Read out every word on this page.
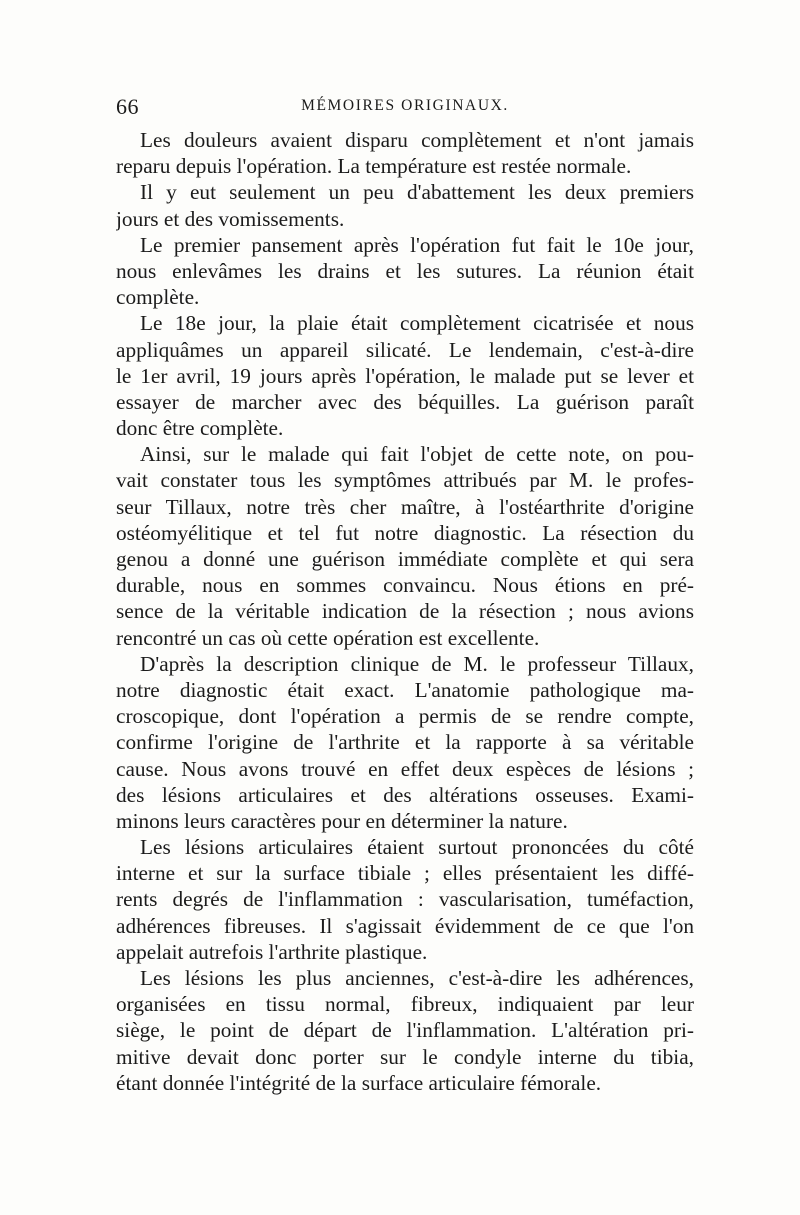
66	MÉMOIRES ORIGINAUX.
Les douleurs avaient disparu complètement et n'ont jamais
reparu depuis l'opération. La température est restée normale.
Il y eut seulement un peu d'abattement les deux premiers
jours et des vomissements.
Le premier pansement après l'opération fut fait le 10e jour,
nous enlevâmes les drains et les sutures. La réunion était
complète.
Le 18e jour, la plaie était complètement cicatrisée et nous
appliquâmes un appareil silicaté. Le lendemain, c'est-à-dire
le 1er avril, 19 jours après l'opération, le malade put se lever et
essayer de marcher avec des béquilles. La guérison paraît
donc être complète.
Ainsi, sur le malade qui fait l'objet de cette note, on pou-
vait constater tous les symptômes attribués par M. le profes-
seur Tillaux, notre très cher maître, à l'ostéarthrite d'origine
ostéomyélitique et tel fut notre diagnostic. La résection du
genou a donné une guérison immédiate complète et qui sera
durable, nous en sommes convaincu. Nous étions en pré-
sence de la véritable indication de la résection ; nous avions
rencontré un cas où cette opération est excellente.
D'après la description clinique de M. le professeur Tillaux,
notre diagnostic était exact. L'anatomie pathologique ma-
croscopique, dont l'opération a permis de se rendre compte,
confirme l'origine de l'arthrite et la rapporte à sa véritable
cause. Nous avons trouvé en effet deux espèces de lésions ;
des lésions articulaires et des altérations osseuses. Exami-
minons leurs caractères pour en déterminer la nature.
Les lésions articulaires étaient surtout prononcées du côté
interne et sur la surface tibiale ; elles présentaient les diffé-
rents degrés de l'inflammation : vascularisation, tuméfaction,
adhérences fibreuses. Il s'agissait évidemment de ce que l'on
appelait autrefois l'arthrite plastique.
Les lésions les plus anciennes, c'est-à-dire les adhérences,
organisées en tissu normal, fibreux, indiquaient par leur
siège, le point de départ de l'inflammation. L'altération pri-
mitive devait donc porter sur le condyle interne du tibia,
étant donnée l'intégrité de la surface articulaire fémorale.
